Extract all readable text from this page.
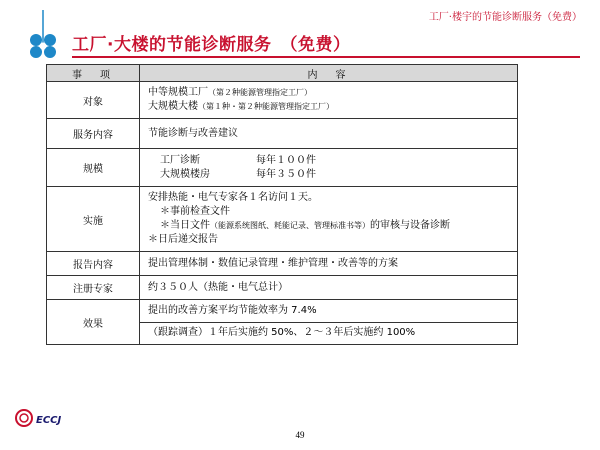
工厂·楼宇的节能诊断服务（免费）
工厂·大楼的节能诊断服务　（免费）
事　项	内　容
对象	中等规模工厂（第２种能源管理指定工厂）
大规模大楼（第１种・第２种能源管理指定工厂）

服务内容	节能诊断与改善建议
规模	工厂诊断 每年１００件
大规模楼房 每年３５０件

实施	安排热能・电气专家各１名访问１天。
＊事前检查文件
＊当日文件（能源系统图纸、耗能记录、管理标准书等）的审核与设备诊断
＊日后递交报告

报告内容	提出管理体制・数值记录管理・维护管理・改善等的方案
注册专家	约３５０人（热能・电气总计）
效果	提出的改善方案平均节能效率为 7.4%
（跟踪调查）１年后实施约 50%、２～３年后实施约 100%
ECCJ
49
